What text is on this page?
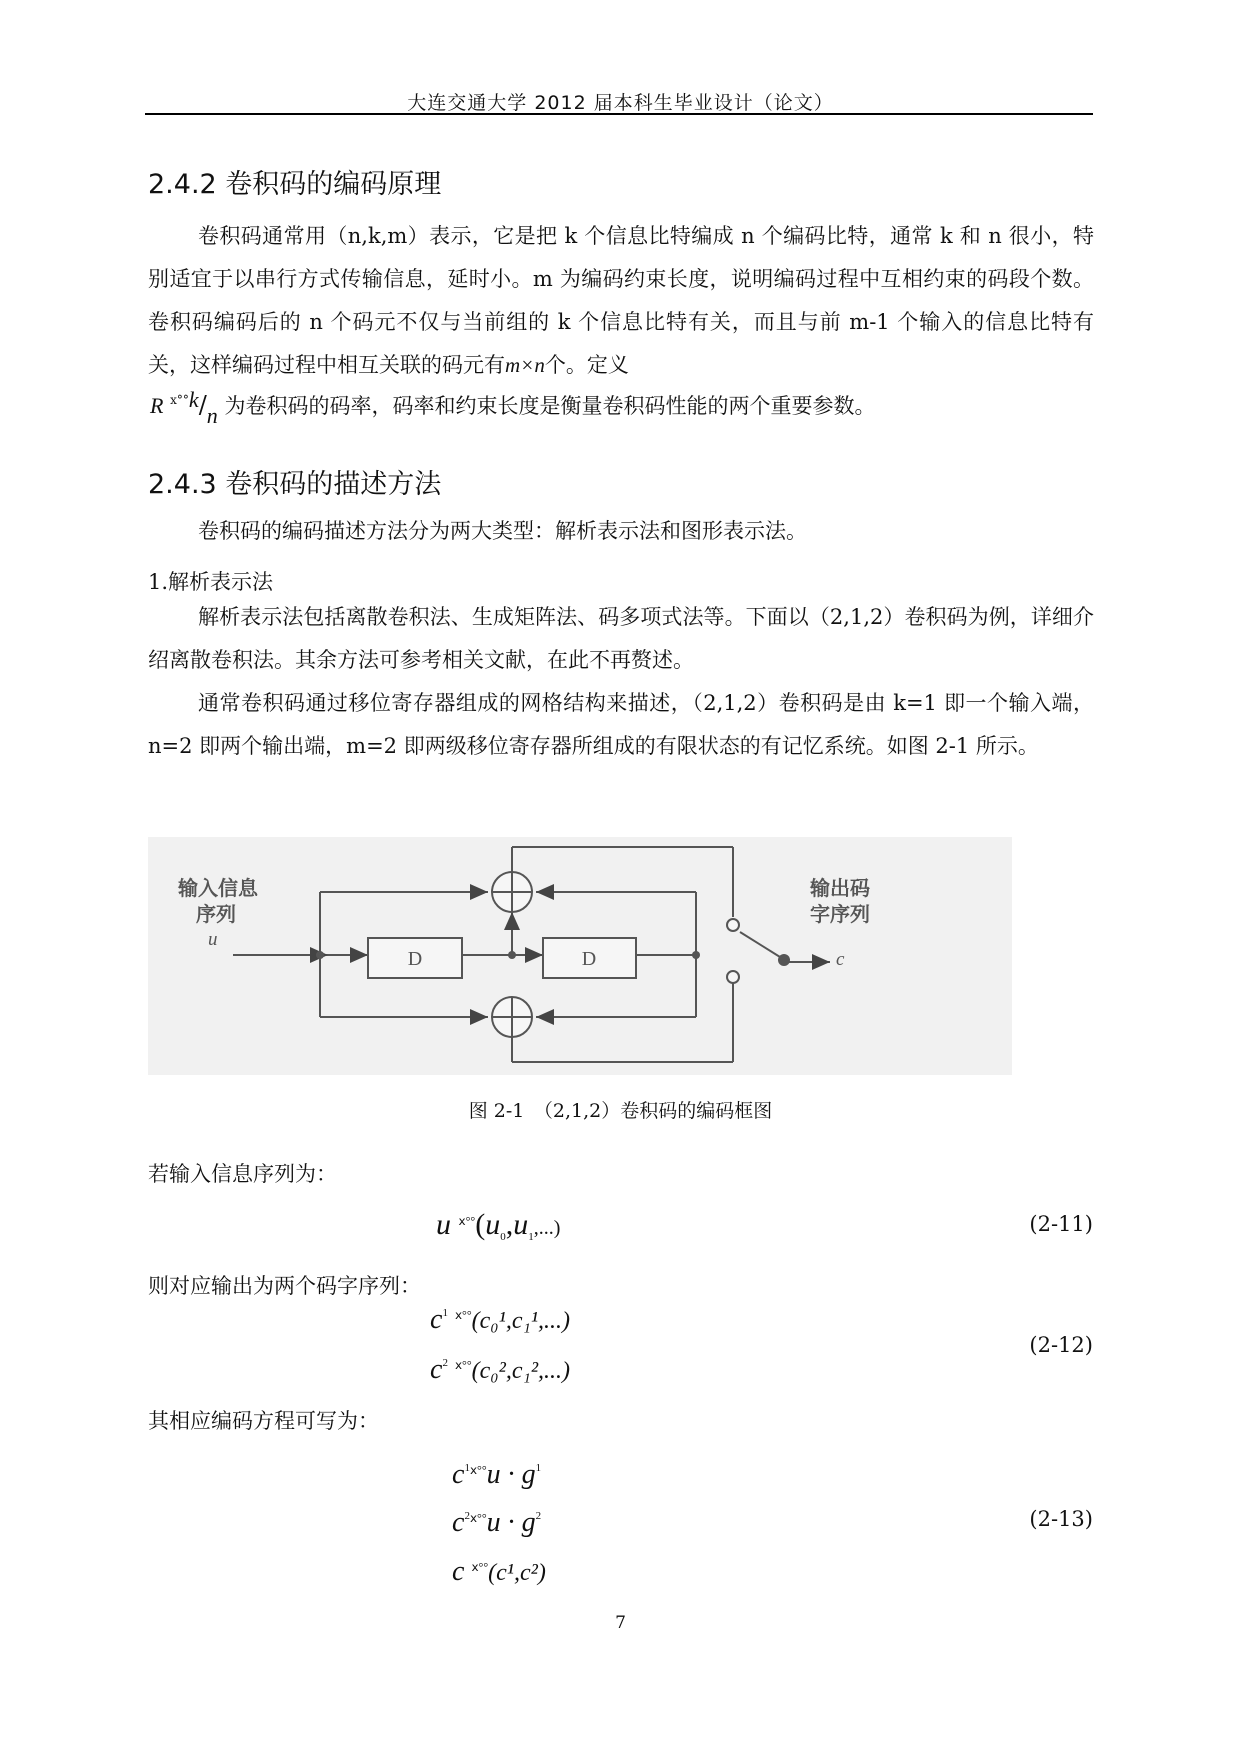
大连交通大学 2012 届本科生毕业设计（论文）
2.4.2 卷积码的编码原理

卷积码通常用（n,k,m）表示，它是把 k 个信息比特编成 n 个编码比特，通常 k 和 n 很小，特别适宜于以串行方式传输信息，延时小。m 为编码约束长度，说明编码过程中互相约束的码段个数。卷积码编码后的 n 个码元不仅与当前组的 k 个信息比特有关，而且与前 m-1 个输入的信息比特有关，这样编码过程中相互关联的码元有m×n个。定义

R $^{ⅹ^\circ^\circ}$k/n 为卷积码的码率，码率和约束长度是衡量卷积码性能的两个重要参数。
2.4.3 卷积码的描述方法

卷积码的编码描述方法分为两大类型：解析表示法和图形表示法。

1.解析表示法

解析表示法包括离散卷积法、生成矩阵法、码多项式法等。下面以（2,1,2）卷积码为例，详细介绍离散卷积法。其余方法可参考相关文献，在此不再赘述。

通常卷积码通过移位寄存器组成的网格结构来描述，（2,1,2）卷积码是由 k=1 即一个输入端，n=2 即两个输出端，m=2 即两级移位寄存器所组成的有限状态的有记忆系统。如图 2-1 所示。

D	D
输入信息
序列
u
输出码
字序列
c
图 2-1　（2,1,2）卷积码的编码框图
若输入信息序列为：
u $^{ⅹ^\circ^\circ}(u_0,u_1,...)$	(2-11)
则对应输出为两个码字序列：
$c^1$ $^{ⅹ^\circ^\circ}$(c₀¹,c₁¹,...)
$c^2$ $^{ⅹ^\circ^\circ}$(c₀²,c₁²,...)
(2-12)
其相应编码方程可写为：
$c^{1ⅹ^\circ^\circ}u \cdot g^1$
$c^{2ⅹ^\circ^\circ}u \cdot g^2$
c $^{ⅹ^\circ^\circ}$(c¹,c²)
(2-13)
7
